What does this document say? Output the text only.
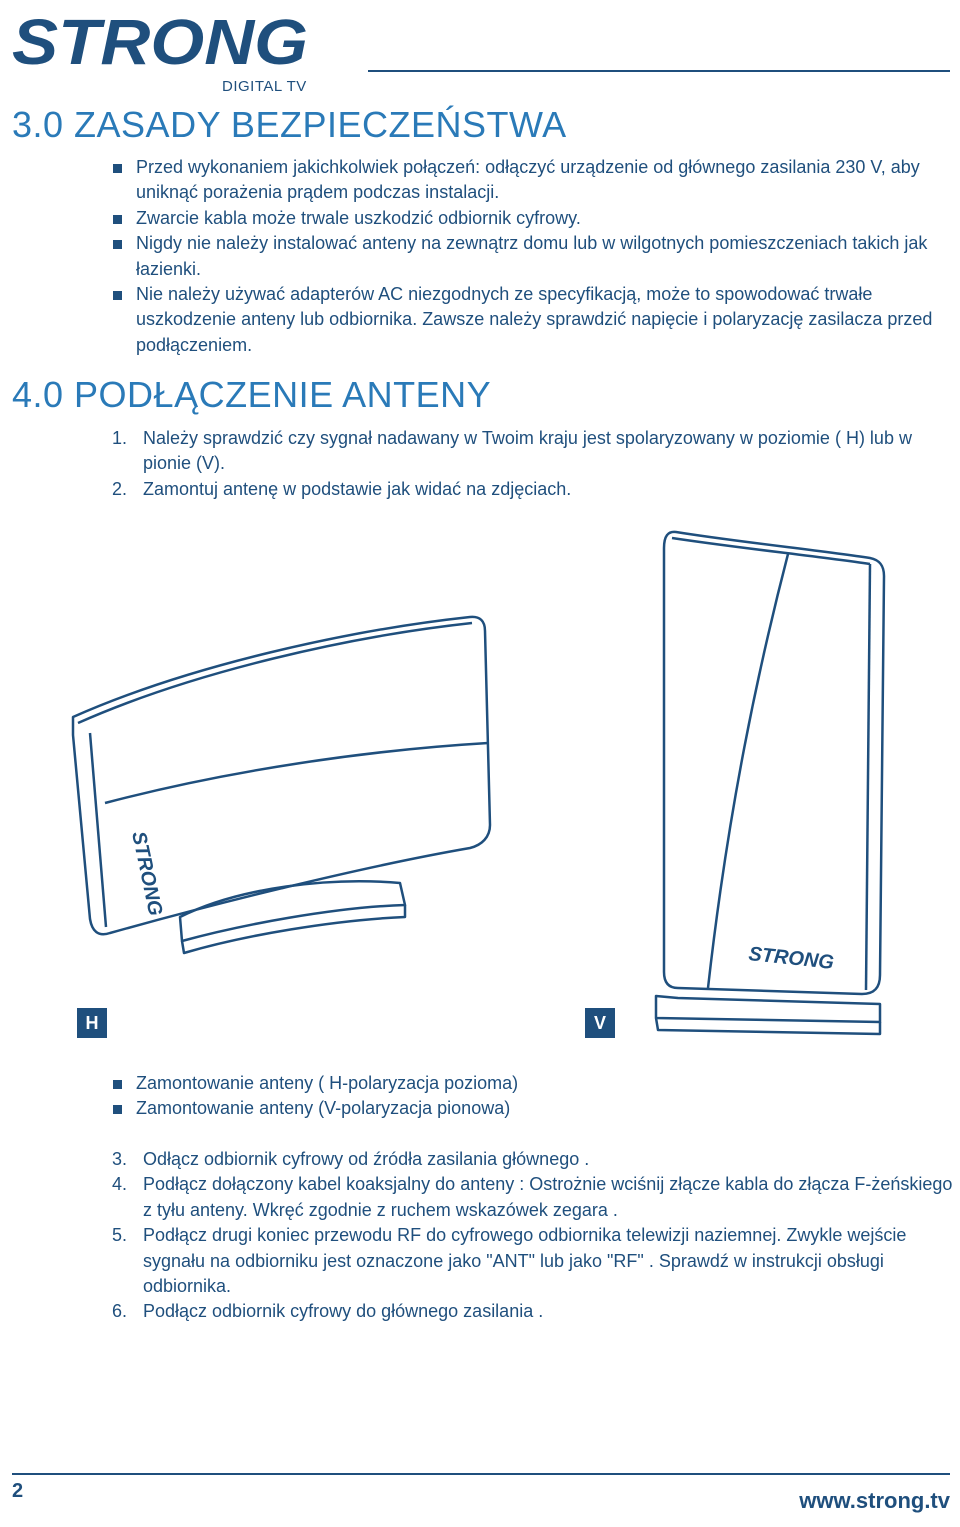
STRONG
DIGITAL TV
3.0 ZASADY BEZPIECZEŃSTWA
Przed wykonaniem jakichkolwiek połączeń: odłączyć urządzenie od głównego zasilania 230 V, aby uniknąć porażenia prądem podczas instalacji.
Zwarcie kabla może trwale uszkodzić odbiornik cyfrowy.
Nigdy nie należy instalować anteny na zewnątrz domu lub w wilgotnych pomieszczeniach takich jak łazienki.
Nie należy używać adapterów AC niezgodnych ze specyfikacją, może to spowodować trwałe uszkodzenie anteny lub odbiornika. Zawsze należy sprawdzić napięcie i polaryzację zasilacza przed podłączeniem.
4.0 PODŁĄCZENIE ANTENY
1. Należy sprawdzić czy sygnał nadawany w Twoim kraju jest spolaryzowany w poziomie ( H) lub w pionie (V).
2. Zamontuj antenę w podstawie jak widać na zdjęciach.
STRONG
H
STRONG
V
Zamontowanie anteny ( H-polaryzacja pozioma)
Zamontowanie anteny (V-polaryzacja pionowa)
3. Odłącz odbiornik cyfrowy od źródła zasilania głównego .
4. Podłącz dołączony kabel koaksjalny do anteny : Ostrożnie wciśnij złącze kabla do złącza F-żeńskiego z tyłu anteny. Wkręć zgodnie z ruchem wskazówek zegara .
5. Podłącz drugi koniec przewodu RF do cyfrowego odbiornika telewizji naziemnej. Zwykle wejście sygnału na odbiorniku jest oznaczone jako "ANT" lub jako "RF" . Sprawdź w instrukcji obsługi odbiornika.
6. Podłącz odbiornik cyfrowy do głównego zasilania .
2	www.strong.tv
